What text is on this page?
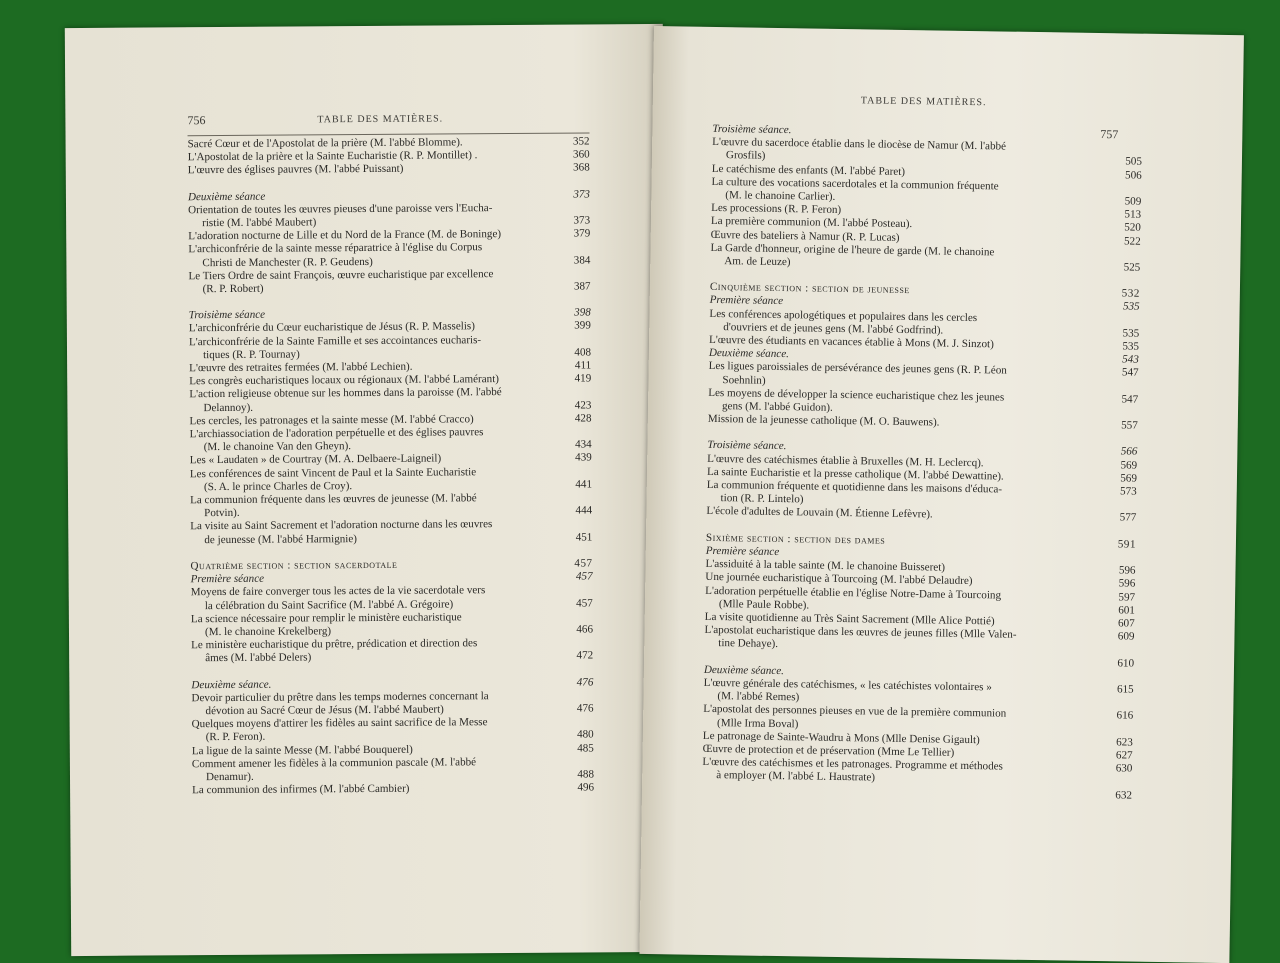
756	TABLE DES MATIÈRES.
Sacré Cœur et de l'Apostolat de la prière (M. l'abbé Blomme).	352
L'Apostolat de la prière et la Sainte Eucharistie (R. P. Montillet) .	360
L'œuvre des églises pauvres (M. l'abbé Puissant)	368
Deuxième séance	373
Orientation de toutes les œuvres pieuses d'une paroisse vers l'Eucha-
ristie (M. l'abbé Maubert)	373
L'adoration nocturne de Lille et du Nord de la France (M. de Boninge)	379
L'archiconfrérie de la sainte messe réparatrice à l'église du Corpus
Christi de Manchester (R. P. Geudens)	384
Le Tiers Ordre de saint François, œuvre eucharistique par excellence
(R. P. Robert)	387
Troisième séance	398
L'archiconfrérie du Cœur eucharistique de Jésus (R. P. Masselis)	399
L'archiconfrérie de la Sainte Famille et ses accointances eucharis-
tiques (R. P. Tournay)	408
L'œuvre des retraites fermées (M. l'abbé Lechien).	411
Les congrès eucharistiques locaux ou régionaux (M. l'abbé Lamérant)	419
L'action religieuse obtenue sur les hommes dans la paroisse (M. l'abbé
Delannoy).	423
Les cercles, les patronages et la sainte messe (M. l'abbé Cracco)	428
L'archiassociation de l'adoration perpétuelle et des églises pauvres
(M. le chanoine Van den Gheyn).	434
Les « Laudaten » de Courtray (M. A. Delbaere-Laigneil)	439
Les conférences de saint Vincent de Paul et la Sainte Eucharistie
(S. A. le prince Charles de Croy).	441
La communion fréquente dans les œuvres de jeunesse (M. l'abbé
Potvin).	444
La visite au Saint Sacrement et l'adoration nocturne dans les œuvres
de jeunesse (M. l'abbé Harmignie)	451
Quatrième section : section sacerdotale	457
Première séance	457
Moyens de faire converger tous les actes de la vie sacerdotale vers
la célébration du Saint Sacrifice (M. l'abbé A. Grégoire)	457
La science nécessaire pour remplir le ministère eucharistique
(M. le chanoine Krekelberg)	466
Le ministère eucharistique du prêtre, prédication et direction des
âmes (M. l'abbé Delers)	472
Deuxième séance.	476
Devoir particulier du prêtre dans les temps modernes concernant la
dévotion au Sacré Cœur de Jésus (M. l'abbé Maubert)	476
Quelques moyens d'attirer les fidèles au saint sacrifice de la Messe
(R. P. Feron).	480
La ligue de la sainte Messe (M. l'abbé Bouquerel)	485
Comment amener les fidèles à la communion pascale (M. l'abbé
Denamur).	488
La communion des infirmes (M. l'abbé Cambier)	496
TABLE DES MATIÈRES.
757
Troisième séance.
L'œuvre du sacerdoce établie dans le diocèse de Namur (M. l'abbé
Grosfils)	505
Le catéchisme des enfants (M. l'abbé Paret)	506
La culture des vocations sacerdotales et la communion fréquente
(M. le chanoine Carlier).	509
Les processions (R. P. Feron)	513
La première communion (M. l'abbé Posteau).	520
Œuvre des bateliers à Namur (R. P. Lucas)	522
La Garde d'honneur, origine de l'heure de garde (M. le chanoine
Am. de Leuze)	525
Cinquième section : section de jeunesse	532
Première séance	535
Les conférences apologétiques et populaires dans les cercles
d'ouvriers et de jeunes gens (M. l'abbé Godfrind).	535
L'œuvre des étudiants en vacances établie à Mons (M. J. Sinzot)	535
Deuxième séance.	543
Les ligues paroissiales de persévérance des jeunes gens (R. P. Léon	547
Soehnlin)
Les moyens de développer la science eucharistique chez les jeunes	547
gens (M. l'abbé Guidon).
Mission de la jeunesse catholique (M. O. Bauwens).	557
Troisième séance.	566
L'œuvre des catéchismes établie à Bruxelles (M. H. Leclercq).	569
La sainte Eucharistie et la presse catholique (M. l'abbé Dewattine).	569
La communion fréquente et quotidienne dans les maisons d'éduca-	573
tion (R. P. Lintelo)
L'école d'adultes de Louvain (M. Étienne Lefèvre).	577
Sixième section : section des dames	591
Première séance
L'assiduité à la table sainte (M. le chanoine Buisseret)	596
Une journée eucharistique à Tourcoing (M. l'abbé Delaudre)	596
L'adoration perpétuelle établie en l'église Notre-Dame à Tourcoing	597
(Mlle Paule Robbe).	601
La visite quotidienne au Très Saint Sacrement (Mlle Alice Pottié)	607
L'apostolat eucharistique dans les œuvres de jeunes filles (Mlle Valen-	609
tine Dehaye).
610
Deuxième séance.
L'œuvre générale des catéchismes, « les catéchistes volontaires »	615
(M. l'abbé Remes)
L'apostolat des personnes pieuses en vue de la première communion	616
(Mlle Irma Boval)
Le patronage de Sainte-Waudru à Mons (Mlle Denise Gigault)	623
Œuvre de protection et de préservation (Mme Le Tellier)	627
L'œuvre des catéchismes et les patronages. Programme et méthodes	630
à employer (M. l'abbé L. Haustrate)
632
